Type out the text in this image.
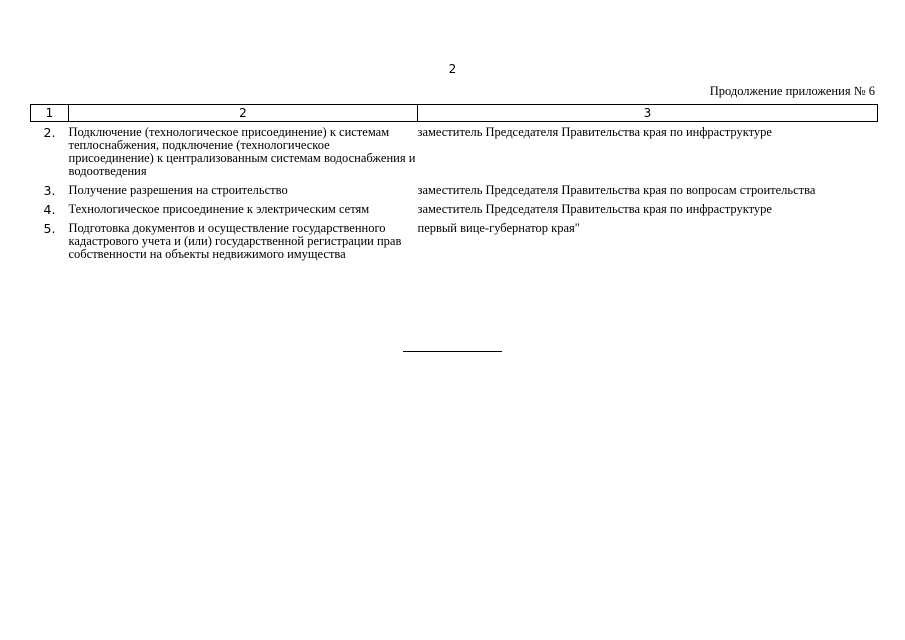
2
Продолжение приложения № 6
1	2	3
2.	Подключение (технологическое присоединение) к системам теплоснабжения, подключение (технологическое присоединение) к централизованным системам водоснабжения и водоотведения	заместитель Председателя Правительства края по инфраструктуре
3.	Получение разрешения на строительство	заместитель Председателя Правительства края по вопросам строительства
4.	Технологическое присоединение к электрическим сетям	заместитель Председателя Правительства края по инфраструктуре
5.	Подготовка документов и осуществление государственного кадастрового учета и (или) государственной регистрации прав собственности на объекты недвижимого имущества	первый вице-губернатор края"
